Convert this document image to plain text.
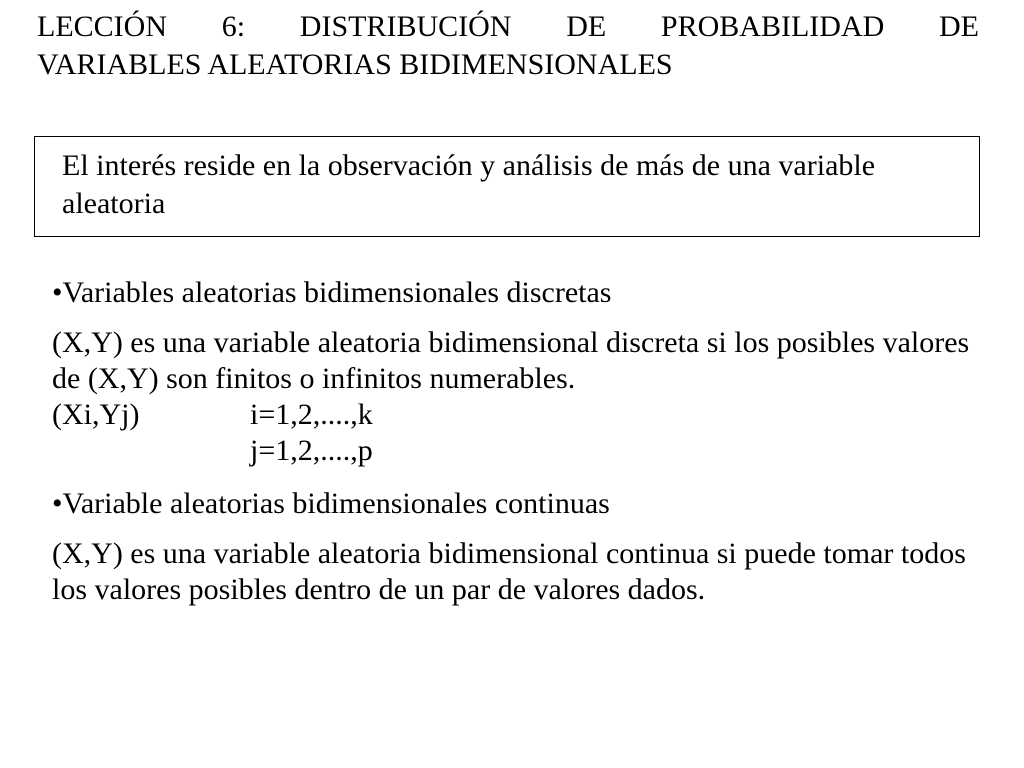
LECCIÓN 6: DISTRIBUCIÓN DE PROBABILIDAD DE
VARIABLES ALEATORIAS BIDIMENSIONALES

El interés reside en la observación y análisis de más de una variable aleatoria

•Variables aleatorias bidimensionales discretas

(X,Y) es una variable aleatoria bidimensional discreta si los posibles valores de (X,Y) son finitos o infinitos numerables.

(Xi,Yj)	i=1,2,....,k
j=1,2,....,p

•Variable aleatorias bidimensionales continuas

(X,Y) es una variable aleatoria bidimensional continua si puede tomar todos los valores posibles dentro de un par de valores dados.
